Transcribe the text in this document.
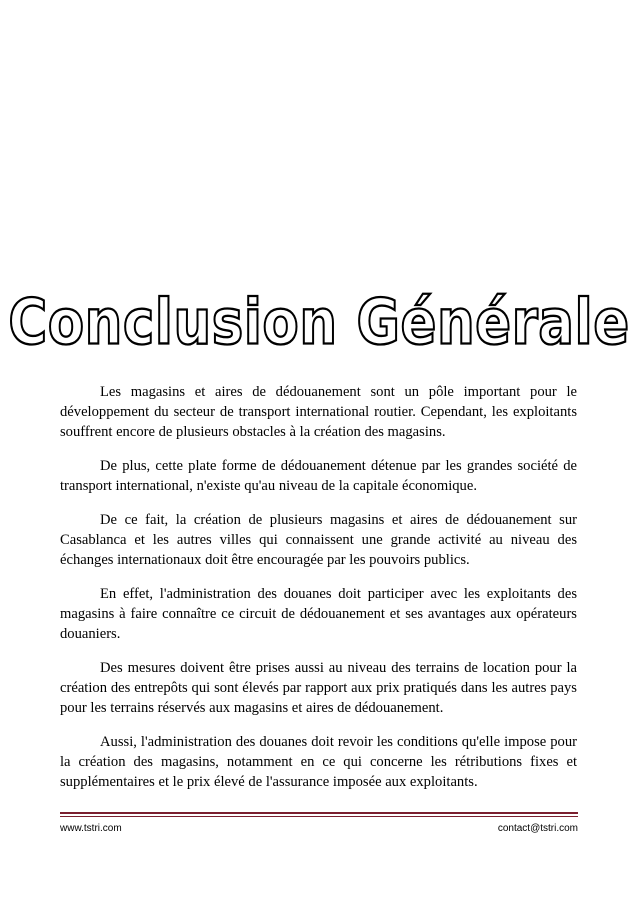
Conclusion Générale

Les magasins et aires de dédouanement sont un pôle important pour le développement du secteur de transport international routier. Cependant, les exploitants souffrent encore de plusieurs obstacles à la création des magasins.

De plus, cette plate forme de dédouanement détenue par les grandes société de transport international, n'existe qu'au niveau de la capitale économique.

De ce fait, la création de plusieurs magasins et aires de dédouanement sur Casablanca et les autres villes qui connaissent une grande activité au niveau des échanges internationaux doit être encouragée par les pouvoirs publics.

En effet, l'administration des douanes doit participer avec les exploitants des magasins à faire connaître ce circuit de dédouanement et ses avantages aux opérateurs douaniers.

Des mesures doivent être prises aussi au niveau des terrains de location pour la création des entrepôts qui sont élevés par rapport aux prix pratiqués dans les autres pays pour les terrains réservés aux magasins et aires de dédouanement.

Aussi, l'administration des douanes doit revoir les conditions qu'elle impose pour la création des magasins, notamment en ce qui concerne les rétributions fixes et supplémentaires et le prix élevé de l'assurance imposée aux exploitants.

www.tstri.com	contact@tstri.com
